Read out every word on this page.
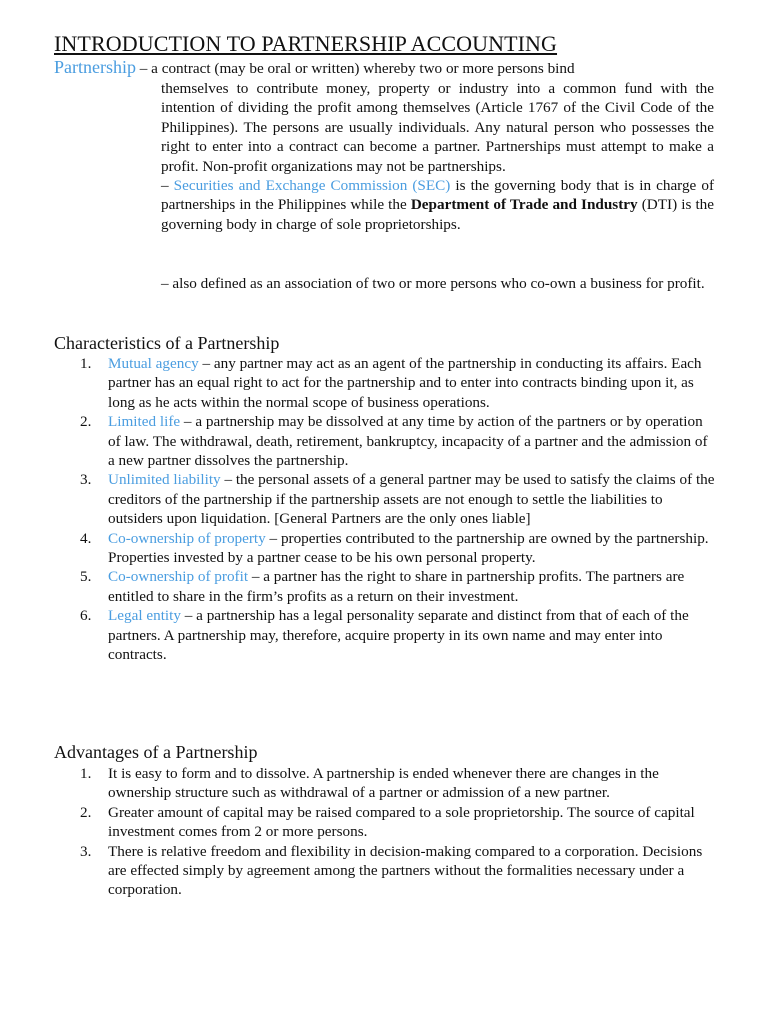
INTRODUCTION TO PARTNERSHIP ACCOUNTING

Partnership – a contract (may be oral or written) whereby two or more persons bind

themselves to contribute money, property or industry into a common fund with the intention of dividing the profit among themselves (Article 1767 of the Civil Code of the Philippines). The persons are usually individuals. Any natural person who possesses the right to enter into a contract can become a partner. Partnerships must attempt to make a profit. Non-profit organizations may not be partnerships.

– Securities and Exchange Commission (SEC) is the governing body that is in charge of partnerships in the Philippines while the Department of Trade and Industry (DTI) is the governing body in charge of sole proprietorships.

– also defined as an association of two or more persons who co-own a business for profit.

Characteristics of a Partnership
1. Mutual agency – any partner may act as an agent of the partnership in conducting its affairs. Each partner has an equal right to act for the partnership and to enter into contracts binding upon it, as long as he acts within the normal scope of business operations.
2. Limited life – a partnership may be dissolved at any time by action of the partners or by operation of law. The withdrawal, death, retirement, bankruptcy, incapacity of a partner and the admission of a new partner dissolves the partnership.
3. Unlimited liability – the personal assets of a general partner may be used to satisfy the claims of the creditors of the partnership if the partnership assets are not enough to settle the liabilities to outsiders upon liquidation. [General Partners are the only ones liable]
4. Co-ownership of property – properties contributed to the partnership are owned by the partnership. Properties invested by a partner cease to be his own personal property.
5. Co-ownership of profit – a partner has the right to share in partnership profits. The partners are entitled to share in the firm’s profits as a return on their investment.
6. Legal entity – a partnership has a legal personality separate and distinct from that of each of the partners. A partnership may, therefore, acquire property in its own name and may enter into contracts.
Advantages of a Partnership
1. It is easy to form and to dissolve. A partnership is ended whenever there are changes in the ownership structure such as withdrawal of a partner or admission of a new partner.
2. Greater amount of capital may be raised compared to a sole proprietorship. The source of capital investment comes from 2 or more persons.
3. There is relative freedom and flexibility in decision-making compared to a corporation. Decisions are effected simply by agreement among the partners without the formalities necessary under a corporation.
